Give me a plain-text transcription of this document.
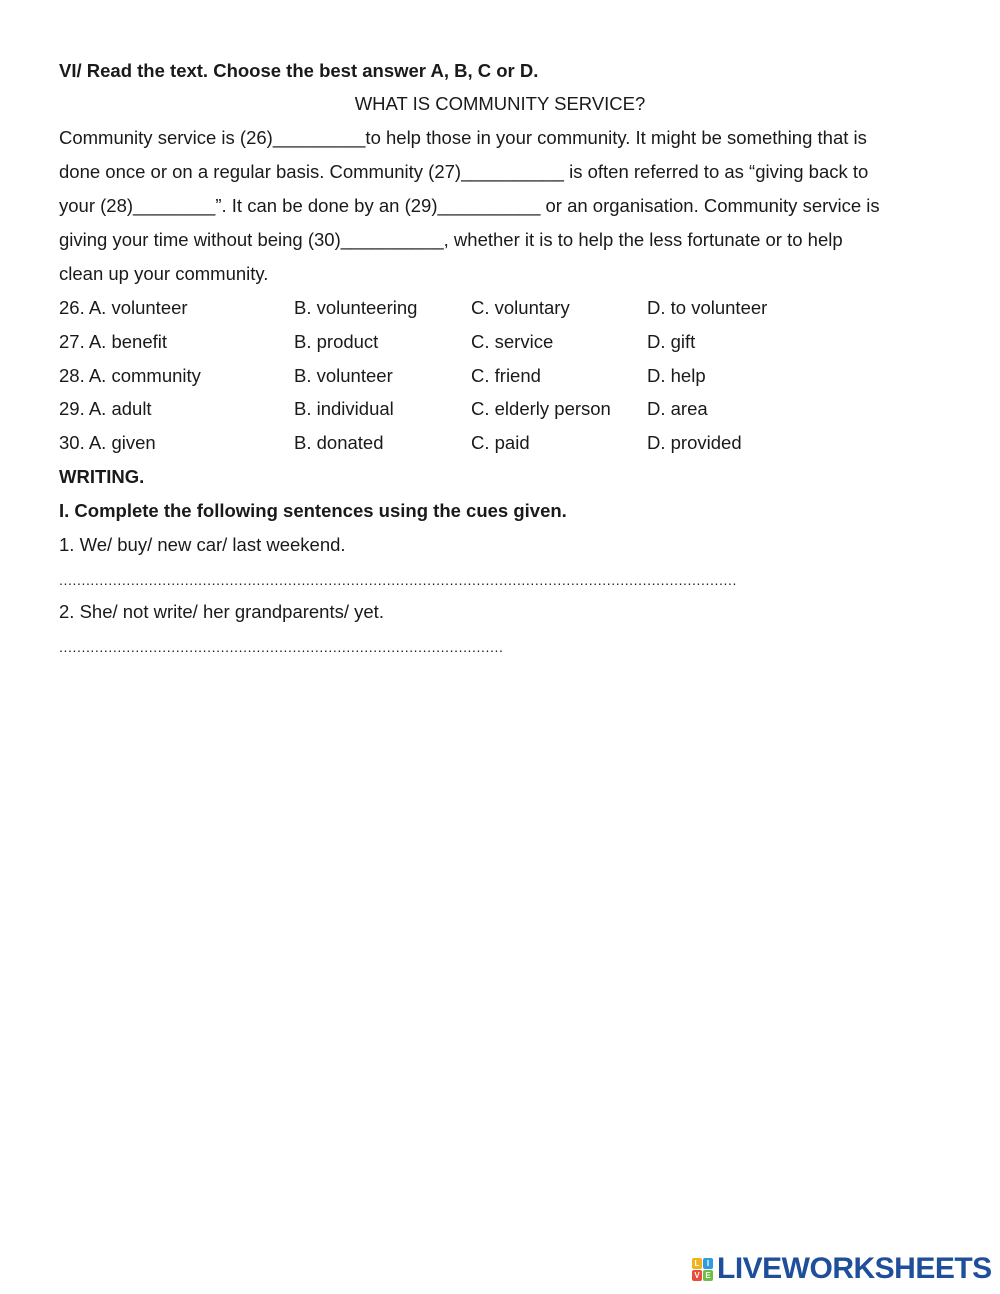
VI/ Read the text. Choose the best answer A, B, C or D.
WHAT IS COMMUNITY SERVICE?
Community service is (26)_________to help those in your community. It might be something that is
done once or on a regular basis. Community (27)__________ is often referred to as “giving back to
your (28)________”. It can be done by an (29)__________ or an organisation. Community service is
giving your time without being (30)__________, whether it is to help the less fortunate or to help
clean up your community.
26. A. volunteer	B. volunteering	C. voluntary	D. to volunteer
27. A. benefit	B. product	C. service	D. gift
28. A. community	B. volunteer	C. friend	D. help
29. A. adult	B. individual	C. elderly person D. area
30. A. given	B. donated	C. paid	D. provided
WRITING.
I. Complete the following sentences using the cues given.
1. We/ buy/ new car/ last weekend.
.......................................................................................................................................................
2. She/ not write/ her grandparents/ yet.
...................................................................................................
L I
V E LIVEWORKSHEETS
